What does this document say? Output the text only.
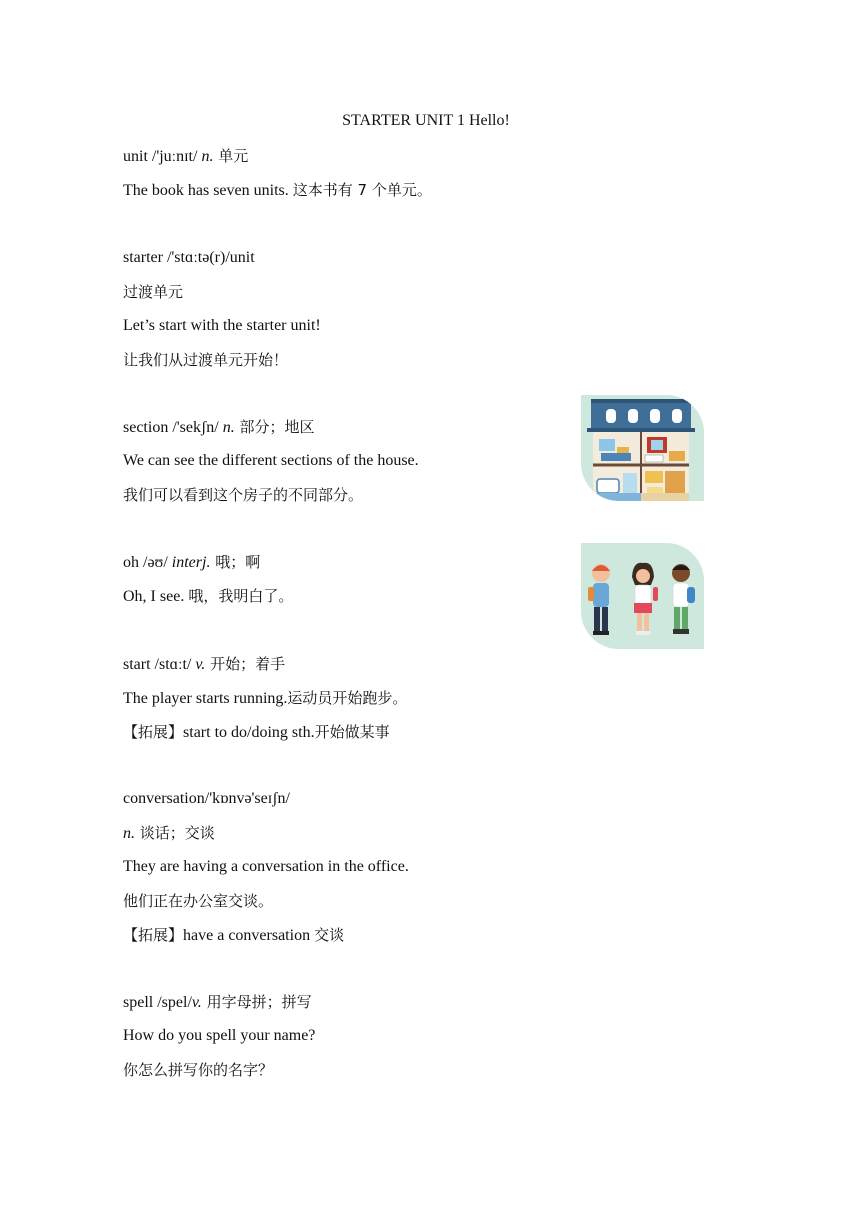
STARTER UNIT 1 Hello!
unit /'juːnɪt/ n. 单元
The book has seven units. 这本书有 7 个单元。
starter /'stɑːtə(r)/unit
过渡单元
Let’s start with the starter unit!
让我们从过渡单元开始！
section /'sekʃn/ n. 部分；地区
We can see the different sections of the house.
我们可以看到这个房子的不同部分。
oh /əʊ/ interj. 哦；啊
Oh, I see. 哦，我明白了。
start /stɑːt/ v. 开始；着手
The player starts running.运动员开始跑步。
【拓展】start to do/doing sth.开始做某事
conversation/'kɒnvə'seɪʃn/
n. 谈话；交谈
They are having a conversation in the office.
他们正在办公室交谈。
【拓展】have a conversation 交谈
spell /spel/v. 用字母拼；拼写
How do you spell your name?
你怎么拼写你的名字？
